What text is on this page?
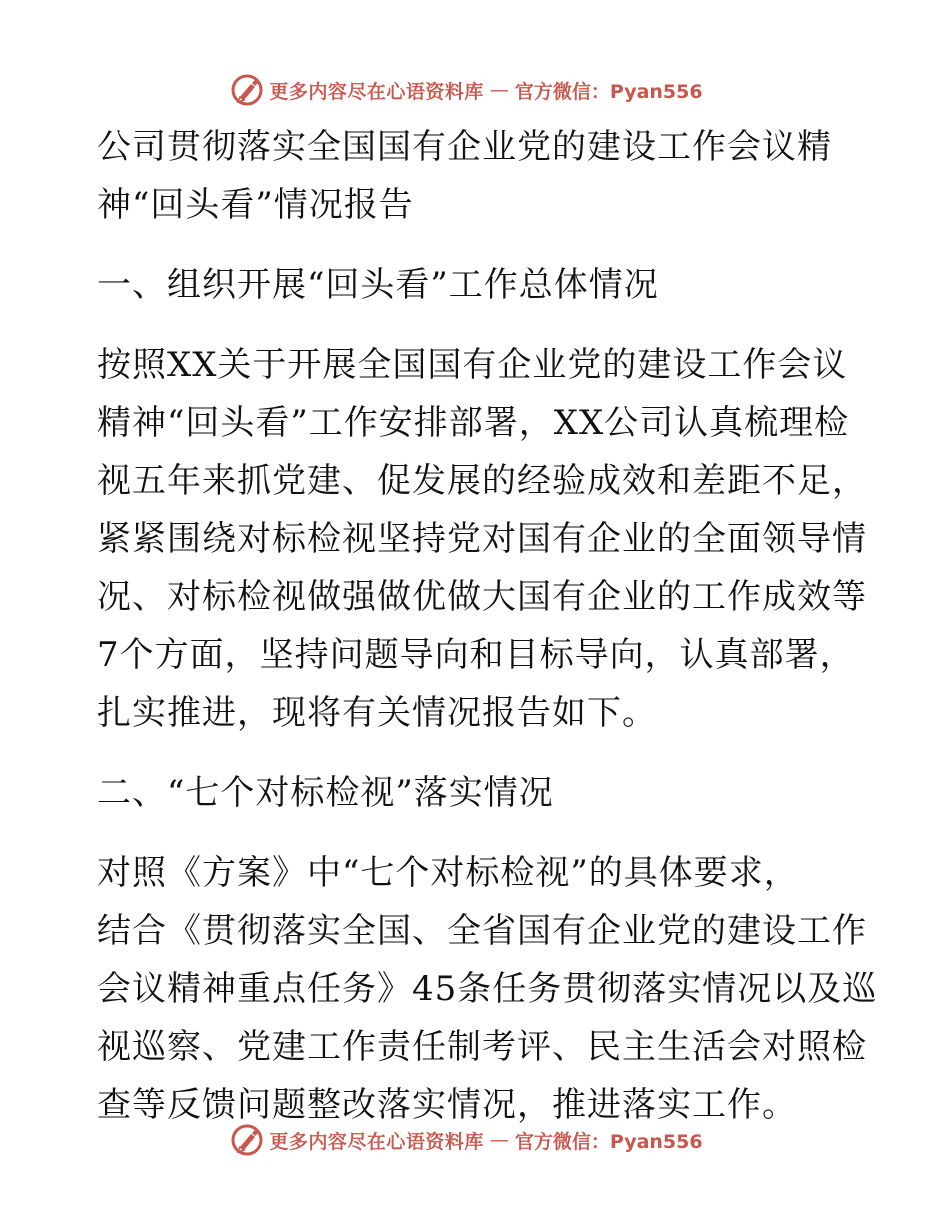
更多内容尽在心语资料库 — 官方微信：Pyan556
公司贯彻落实全国国有企业党的建设工作会议精
神“回头看”情况报告
一、组织开展“回头看”工作总体情况
按照XX关于开展全国国有企业党的建设工作会议
精神“回头看”工作安排部署，XX公司认真梳理检
视五年来抓党建、促发展的经验成效和差距不足，
紧紧围绕对标检视坚持党对国有企业的全面领导情
况、对标检视做强做优做大国有企业的工作成效等
7个方面，坚持问题导向和目标导向，认真部署，
扎实推进，现将有关情况报告如下。
二、“七个对标检视”落实情况
对照《方案》中“七个对标检视”的具体要求，
结合《贯彻落实全国、全省国有企业党的建设工作
会议精神重点任务》45条任务贯彻落实情况以及巡
视巡察、党建工作责任制考评、民主生活会对照检
查等反馈问题整改落实情况，推进落实工作。
更多内容尽在心语资料库 — 官方微信：Pyan556
